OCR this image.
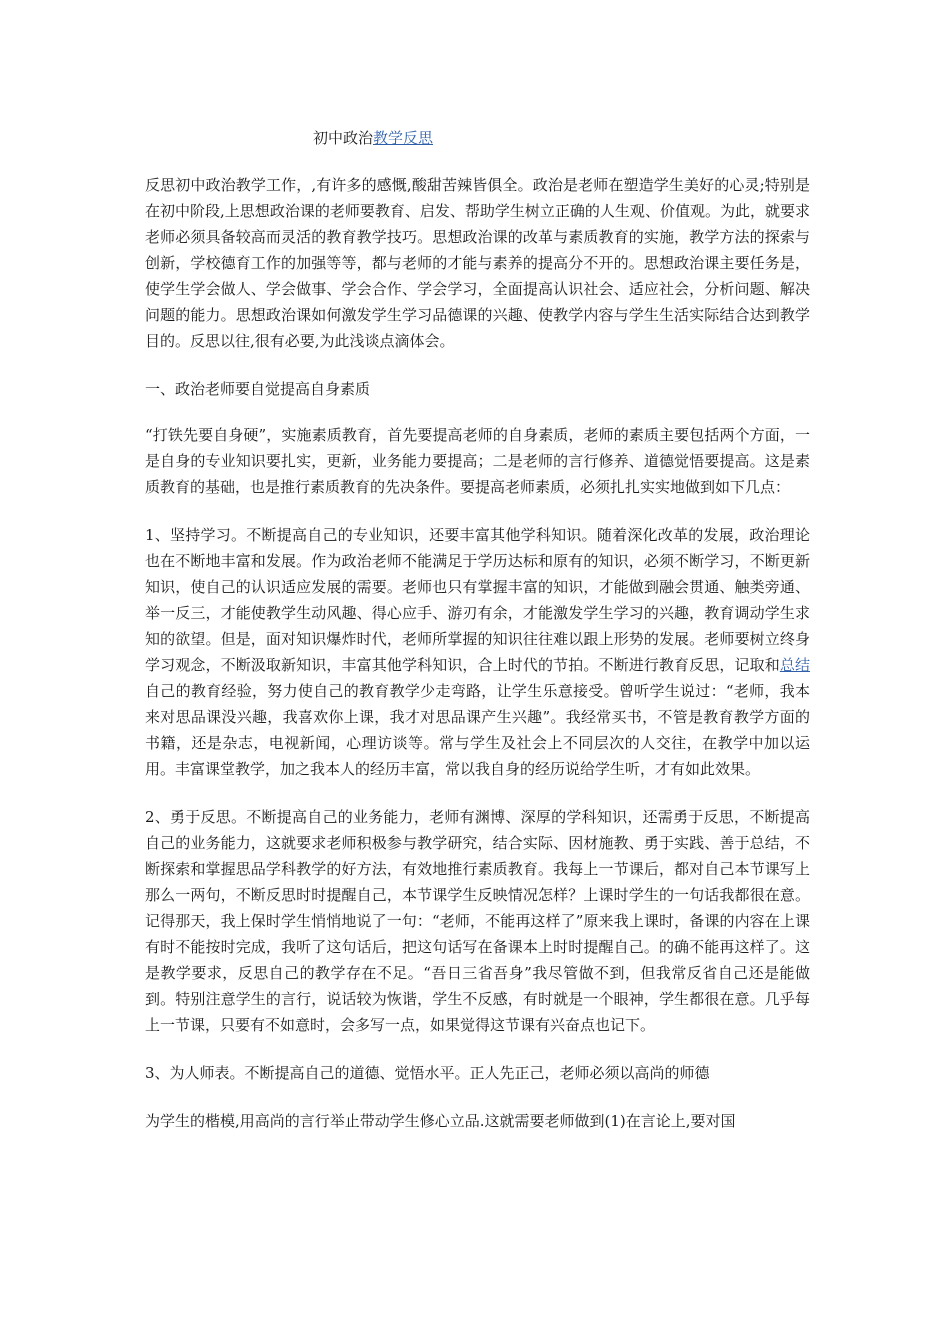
初中政治教学反思

反思初中政治教学工作，,有许多的感慨,酸甜苦辣皆俱全。政治是老师在塑造学生美好的心灵;特别是在初中阶段,上思想政治课的老师要教育、启发、帮助学生树立正确的人生观、价值观。为此，就要求老师必须具备较高而灵活的教育教学技巧。思想政治课的改革与素质教育的实施，教学方法的探索与创新，学校德育工作的加强等等，都与老师的才能与素养的提高分不开的。思想政治课主要任务是，使学生学会做人、学会做事、学会合作、学会学习，全面提高认识社会、适应社会，分析问题、解决问题的能力。思想政治课如何激发学生学习品德课的兴趣、使教学内容与学生生活实际结合达到教学目的。反思以往,很有必要,为此浅谈点滴体会。

一、政治老师要自觉提高自身素质

“打铁先要自身硬”，实施素质教育，首先要提高老师的自身素质，老师的素质主要包括两个方面，一是自身的专业知识要扎实，更新，业务能力要提高；二是老师的言行修养、道德觉悟要提高。这是素质教育的基础，也是推行素质教育的先决条件。要提高老师素质，必须扎扎实实地做到如下几点：

1、坚持学习。不断提高自己的专业知识，还要丰富其他学科知识。随着深化改革的发展，政治理论也在不断地丰富和发展。作为政治老师不能满足于学历达标和原有的知识，必须不断学习，不断更新知识，使自己的认识适应发展的需要。老师也只有掌握丰富的知识，才能做到融会贯通、触类旁通、举一反三，才能使教学生动风趣、得心应手、游刃有余，才能激发学生学习的兴趣，教育调动学生求知的欲望。但是，面对知识爆炸时代，老师所掌握的知识往往难以跟上形势的发展。老师要树立终身学习观念，不断汲取新知识，丰富其他学科知识，合上时代的节拍。不断进行教育反思，记取和总结自己的教育经验，努力使自己的教育教学少走弯路，让学生乐意接受。曾听学生说过：“老师，我本来对思品课没兴趣，我喜欢你上课，我才对思品课产生兴趣”。我经常买书，不管是教育教学方面的书籍，还是杂志，电视新闻，心理访谈等。常与学生及社会上不同层次的人交往，在教学中加以运用。丰富课堂教学，加之我本人的经历丰富，常以我自身的经历说给学生听，才有如此效果。

2、勇于反思。不断提高自己的业务能力，老师有渊博、深厚的学科知识，还需勇于反思，不断提高自己的业务能力，这就要求老师积极参与教学研究，结合实际、因材施教、勇于实践、善于总结，不断探索和掌握思品学科教学的好方法，有效地推行素质教育。我每上一节课后，都对自己本节课写上那么一两句，不断反思时时提醒自己，本节课学生反映情况怎样？上课时学生的一句话我都很在意。记得那天，我上保时学生悄悄地说了一句：“老师，不能再这样了”原来我上课时，备课的内容在上课有时不能按时完成，我听了这句话后，把这句话写在备课本上时时提醒自己。的确不能再这样了。这是教学要求，反思自己的教学存在不足。“吾日三省吾身”我尽管做不到，但我常反省自己还是能做到。特别注意学生的言行，说话较为恢谐，学生不反感，有时就是一个眼神，学生都很在意。几乎每上一节课，只要有不如意时，会多写一点，如果觉得这节课有兴奋点也记下。

3、为人师表。不断提高自己的道德、觉悟水平。正人先正己，老师必须以高尚的师德

为学生的楷模,用高尚的言行举止带动学生修心立品.这就需要老师做到(1)在言论上,要对国
